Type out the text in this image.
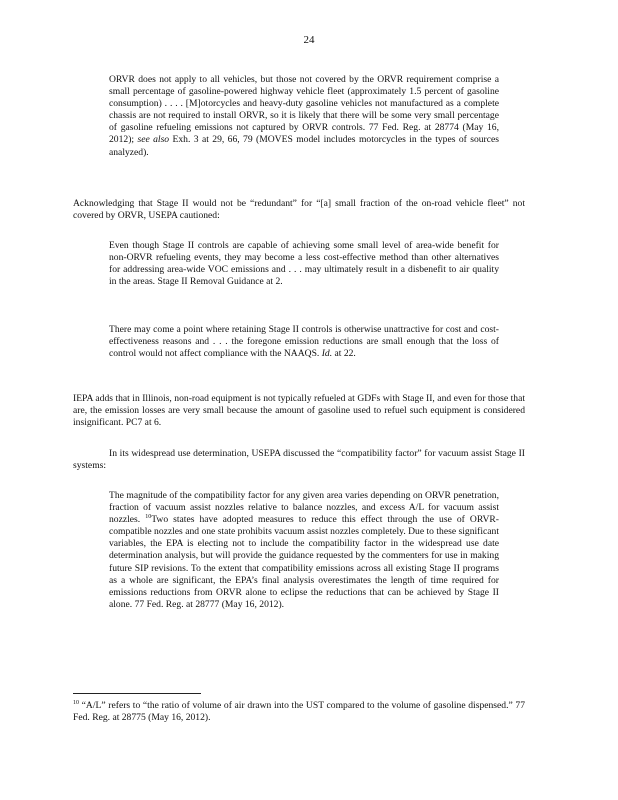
24

ORVR does not apply to all vehicles, but those not covered by the ORVR requirement comprise a small percentage of gasoline-powered highway vehicle fleet (approximately 1.5 percent of gasoline consumption) . . . . [M]otorcycles and heavy-duty gasoline vehicles not manufactured as a complete chassis are not required to install ORVR, so it is likely that there will be some very small percentage of gasoline refueling emissions not captured by ORVR controls. 77 Fed. Reg. at 28774 (May 16, 2012); see also Exh. 3 at 29, 66, 79 (MOVES model includes motorcycles in the types of sources analyzed).

Acknowledging that Stage II would not be “redundant” for “[a] small fraction of the on-road vehicle fleet” not covered by ORVR, USEPA cautioned:

Even though Stage II controls are capable of achieving some small level of area-wide benefit for non-ORVR refueling events, they may become a less cost-effective method than other alternatives for addressing area-wide VOC emissions and . . . may ultimately result in a disbenefit to air quality in the areas. Stage II Removal Guidance at 2.

There may come a point where retaining Stage II controls is otherwise unattractive for cost and cost-effectiveness reasons and . . . the foregone emission reductions are small enough that the loss of control would not affect compliance with the NAAQS. Id. at 22.

IEPA adds that in Illinois, non-road equipment is not typically refueled at GDFs with Stage II, and even for those that are, the emission losses are very small because the amount of gasoline used to refuel such equipment is considered insignificant. PC7 at 6.

In its widespread use determination, USEPA discussed the “compatibility factor” for vacuum assist Stage II systems:

The magnitude of the compatibility factor for any given area varies depending on ORVR penetration, fraction of vacuum assist nozzles relative to balance nozzles, and excess A/L for vacuum assist nozzles. $^{10}$Two states have adopted measures to reduce this effect through the use of ORVR-compatible nozzles and one state prohibits vacuum assist nozzles completely. Due to these significant variables, the EPA is electing not to include the compatibility factor in the widespread use date determination analysis, but will provide the guidance requested by the commenters for use in making future SIP revisions. To the extent that compatibility emissions across all existing Stage II programs as a whole are significant, the EPA’s final analysis overestimates the length of time required for emissions reductions from ORVR alone to eclipse the reductions that can be achieved by Stage II alone. 77 Fed. Reg. at 28777 (May 16, 2012).

$^{10}$ “A/L” refers to “the ratio of volume of air drawn into the UST compared to the volume of gasoline dispensed.” 77 Fed. Reg. at 28775 (May 16, 2012).
